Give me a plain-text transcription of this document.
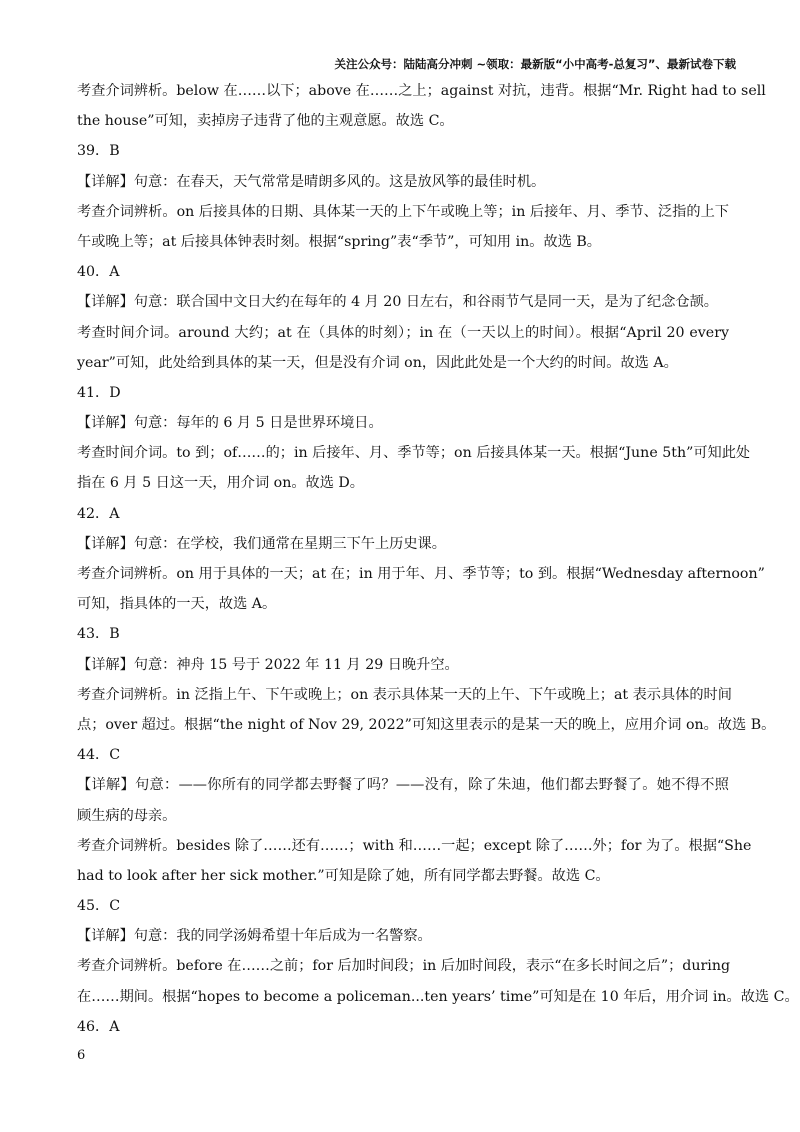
关注公众号：陆陆高分冲刺 ~领取：最新版“小中高考-总复习”、最新试卷下载
考查介词辨析。below 在……以下；above 在……之上；against 对抗，违背。根据“Mr. Right had to sell
the house”可知，卖掉房子违背了他的主观意愿。故选 C。
39．B
【详解】句意：在春天，天气常常是晴朗多风的。这是放风筝的最佳时机。
考查介词辨析。on 后接具体的日期、具体某一天的上下午或晚上等；in 后接年、月、季节、泛指的上下
午或晚上等；at 后接具体钟表时刻。根据“spring”表“季节”，可知用 in。故选 B。
40．A
【详解】句意：联合国中文日大约在每年的 4 月 20 日左右，和谷雨节气是同一天，是为了纪念仓颉。
考查时间介词。around 大约；at 在（具体的时刻）；in 在（一天以上的时间）。根据“April 20 every
year”可知，此处给到具体的某一天，但是没有介词 on，因此此处是一个大约的时间。故选 A。
41．D
【详解】句意：每年的 6 月 5 日是世界环境日。
考查时间介词。to 到；of……的；in 后接年、月、季节等；on 后接具体某一天。根据“June 5th”可知此处
指在 6 月 5 日这一天，用介词 on。故选 D。
42．A
【详解】句意：在学校，我们通常在星期三下午上历史课。
考查介词辨析。on 用于具体的一天；at 在；in 用于年、月、季节等；to 到。根据“Wednesday afternoon”
可知，指具体的一天，故选 A。
43．B
【详解】句意：神舟 15 号于 2022 年 11 月 29 日晚升空。
考查介词辨析。in 泛指上午、下午或晚上；on 表示具体某一天的上午、下午或晚上；at 表示具体的时间
点；over 超过。根据“the night of Nov 29, 2022”可知这里表示的是某一天的晚上，应用介词 on。故选 B。
44．C
【详解】句意：——你所有的同学都去野餐了吗？——没有，除了朱迪，他们都去野餐了。她不得不照
顾生病的母亲。
考查介词辨析。besides 除了……还有……；with 和……一起；except 除了……外；for 为了。根据“She
had to look after her sick mother.”可知是除了她，所有同学都去野餐。故选 C。
45．C
【详解】句意：我的同学汤姆希望十年后成为一名警察。
考查介词辨析。before 在……之前；for 后加时间段；in 后加时间段，表示“在多长时间之后”；during
在……期间。根据“hopes to become a policeman...ten years’ time”可知是在 10 年后，用介词 in。故选 C。
46．A
6
